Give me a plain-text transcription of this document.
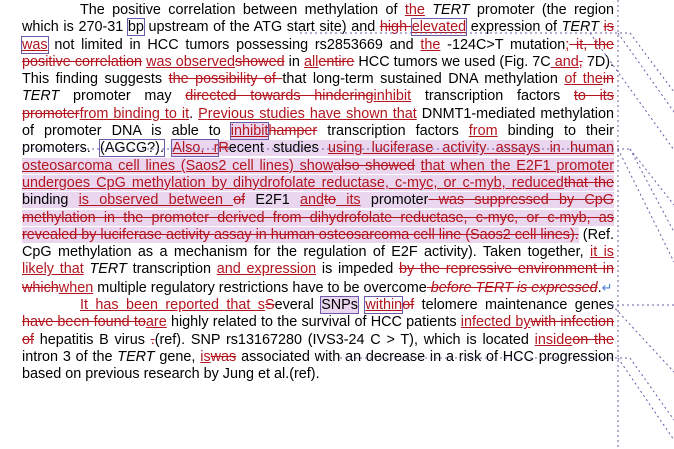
The positive correlation between methylation of the TERT promoter (the region which is 270-31 bp upstream of the ATG start site) and high elevated expression of TERT is was not limited in HCC tumors possessing rs2853669 and the -124C>T mutation; it, the positive correlation was observedshowed in allentire HCC tumors we used (Fig. 7C and, 7D). This finding suggests the possibility of that long-term sustained DNA methylation of thein TERT promoter may directed towards hinderinginhibit transcription factors to its promoterfrom binding to it. Previous studies have shown that DNMT1-mediated methylation of promoter DNA is able to inhibithamper transcription factors from binding to their promoters. (AGCG?). Also, rRecent studies using luciferase activity assays in human osteosarcoma cell lines (Saos2 cell lines) showalso showed that when the E2F1 promoter undergoes CpG methylation by dihydrofolate reductase, c-myc, or c-myb, reducedthat the binding is observed between of E2F1 andto its promoter was suppressed by CpG methylation in the promoter derived from dihydrofolate reductase, c-myc, or c-myb, as revealed by luciferase activity assay in human osteosarcoma cell line (Saos2 cell lines). (Ref. CpG methylation as a mechanism for the regulation of E2F activity). Taken together, it is likely that TERT transcription and expression is impeded by the repressive environment in whichwhen multiple regulatory restrictions have to be overcome before TERT is expressed.↵

It has been reported that sSeveral SNPs withinof telomere maintenance genes have been found toare highly related to the survival of HCC patients infected bywith infection of hepatitis B virus .(ref). SNP rs13167280 (IVS3-24 C > T), which is located insideon the intron 3 of the TERT gene, iswas associated with an decrease in a risk of HCC progression based on previous research by Jung et al.(ref).
